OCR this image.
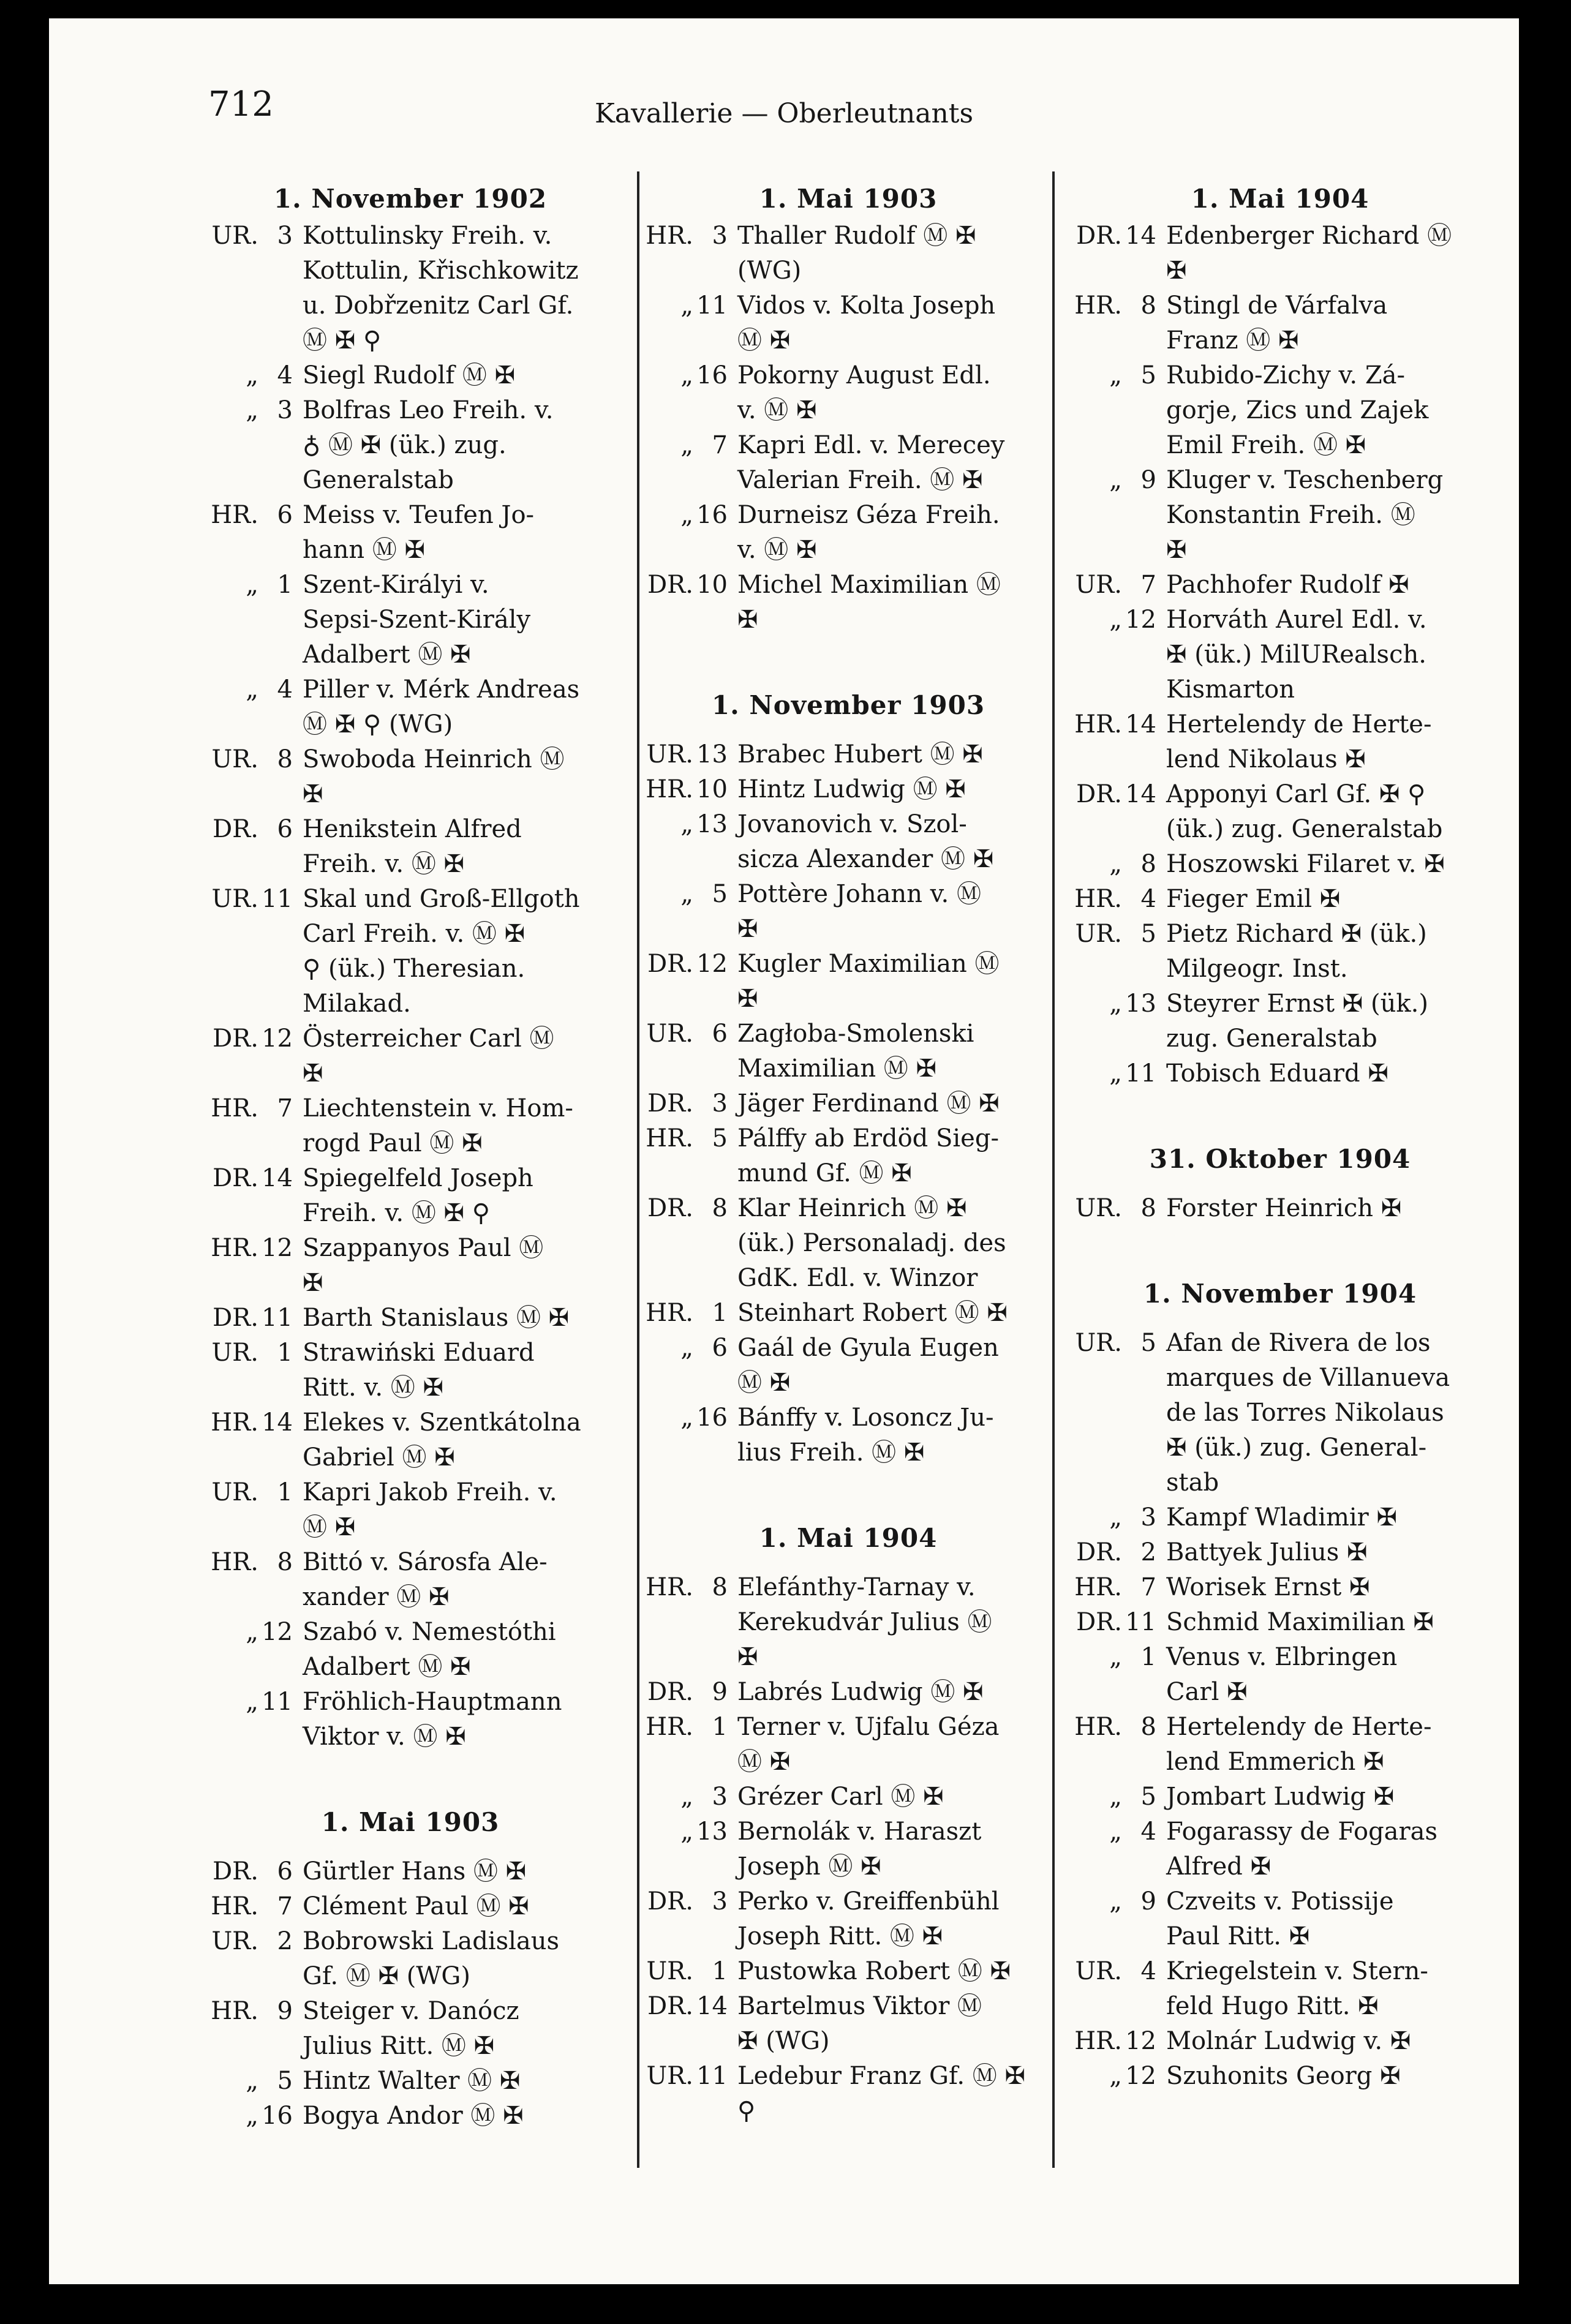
712	Kavallerie — Oberleutnants
1. November 1902
UR. 3 Kottulinsky Freih. v.
Kottulin, Křischkowitz
u. Dobřzenitz Carl Gf.
Ⓜ ✠ ⚲
„ 4 Siegl Rudolf Ⓜ ✠
„ 3 Bolfras Leo Freih. v.
♁ Ⓜ ✠ (ük.) zug.
Generalstab
HR. 6 Meiss v. Teufen Jo-
hann Ⓜ ✠
„ 1 Szent-Királyi v.
Sepsi-Szent-Király
Adalbert Ⓜ ✠
„ 4 Piller v. Mérk Andreas
Ⓜ ✠ ⚲ (WG)
UR. 8 Swoboda Heinrich Ⓜ
✠
DR. 6 Henikstein Alfred
Freih. v. Ⓜ ✠
UR. 11 Skal und Groß-Ellgoth
Carl Freih. v. Ⓜ ✠
⚲ (ük.) Theresian.
Milakad.
DR. 12 Österreicher Carl Ⓜ
✠
HR. 7 Liechtenstein v. Hom-
rogd Paul Ⓜ ✠
DR. 14 Spiegelfeld Joseph
Freih. v. Ⓜ ✠ ⚲
HR. 12 Szappanyos Paul Ⓜ
✠
DR. 11 Barth Stanislaus Ⓜ ✠
UR. 1 Strawiński Eduard
Ritt. v. Ⓜ ✠
HR. 14 Elekes v. Szentkátolna
Gabriel Ⓜ ✠
UR. 1 Kapri Jakob Freih. v.
Ⓜ ✠
HR. 8 Bittó v. Sárosfa Ale-
xander Ⓜ ✠
„ 12 Szabó v. Nemestóthi
Adalbert Ⓜ ✠
„ 11 Fröhlich-Hauptmann
Viktor v. Ⓜ ✠
1. Mai 1903
DR. 6 Gürtler Hans Ⓜ ✠
HR. 7 Clément Paul Ⓜ ✠
UR. 2 Bobrowski Ladislaus
Gf. Ⓜ ✠ (WG)
HR. 9 Steiger v. Danócz
Julius Ritt. Ⓜ ✠
„ 5 Hintz Walter Ⓜ ✠
„ 16 Bogya Andor Ⓜ ✠
1. Mai 1903
HR. 3 Thaller Rudolf Ⓜ ✠
(WG)
„ 11 Vidos v. Kolta Joseph
Ⓜ ✠
„ 16 Pokorny August Edl.
v. Ⓜ ✠
„ 7 Kapri Edl. v. Merecey
Valerian Freih. Ⓜ ✠
„ 16 Durneisz Géza Freih.
v. Ⓜ ✠
DR. 10 Michel Maximilian Ⓜ
✠
1. November 1903
UR. 13 Brabec Hubert Ⓜ ✠
HR. 10 Hintz Ludwig Ⓜ ✠
„ 13 Jovanovich v. Szol-
sicza Alexander Ⓜ ✠
„ 5 Pottère Johann v. Ⓜ
✠
DR. 12 Kugler Maximilian Ⓜ
✠
UR. 6 Zagłoba-Smolenski
Maximilian Ⓜ ✠
DR. 3 Jäger Ferdinand Ⓜ ✠
HR. 5 Pálffy ab Erdöd Sieg-
mund Gf. Ⓜ ✠
DR. 8 Klar Heinrich Ⓜ ✠
(ük.) Personaladj. des
GdK. Edl. v. Winzor
HR. 1 Steinhart Robert Ⓜ ✠
„ 6 Gaál de Gyula Eugen
Ⓜ ✠
„ 16 Bánffy v. Losoncz Ju-
lius Freih. Ⓜ ✠
1. Mai 1904
HR. 8 Elefánthy-Tarnay v.
Kerekudvár Julius Ⓜ
✠
DR. 9 Labrés Ludwig Ⓜ ✠
HR. 1 Terner v. Ujfalu Géza
Ⓜ ✠
„ 3 Grézer Carl Ⓜ ✠
„ 13 Bernolák v. Haraszt
Joseph Ⓜ ✠
DR. 3 Perko v. Greiffenbühl
Joseph Ritt. Ⓜ ✠
UR. 1 Pustowka Robert Ⓜ ✠
DR. 14 Bartelmus Viktor Ⓜ
✠ (WG)
UR. 11 Ledebur Franz Gf. Ⓜ ✠
⚲
1. Mai 1904
DR. 14 Edenberger Richard Ⓜ
✠
HR. 8 Stingl de Várfalva
Franz Ⓜ ✠
„ 5 Rubido-Zichy v. Zá-
gorje, Zics und Zajek
Emil Freih. Ⓜ ✠
„ 9 Kluger v. Teschenberg
Konstantin Freih. Ⓜ
✠
UR. 7 Pachhofer Rudolf ✠
„ 12 Horváth Aurel Edl. v.
✠ (ük.) MilURealsch.
Kismarton
HR. 14 Hertelendy de Herte-
lend Nikolaus ✠
DR. 14 Apponyi Carl Gf. ✠ ⚲
(ük.) zug. Generalstab
„ 8 Hoszowski Filaret v. ✠
HR. 4 Fieger Emil ✠
UR. 5 Pietz Richard ✠ (ük.)
Milgeogr. Inst.
„ 13 Steyrer Ernst ✠ (ük.)
zug. Generalstab
„ 11 Tobisch Eduard ✠
31. Oktober 1904
UR. 8 Forster Heinrich ✠
1. November 1904
UR. 5 Afan de Rivera de los
marques de Villanueva
de las Torres Nikolaus
✠ (ük.) zug. General-
stab
„ 3 Kampf Wladimir ✠
DR. 2 Battyek Julius ✠
HR. 7 Worisek Ernst ✠
DR. 11 Schmid Maximilian ✠
„ 1 Venus v. Elbringen
Carl ✠
HR. 8 Hertelendy de Herte-
lend Emmerich ✠
„ 5 Jombart Ludwig ✠
„ 4 Fogarassy de Fogaras
Alfred ✠
„ 9 Czveits v. Potissije
Paul Ritt. ✠
UR. 4 Kriegelstein v. Stern-
feld Hugo Ritt. ✠
HR. 12 Molnár Ludwig v. ✠
„ 12 Szuhonits Georg ✠
